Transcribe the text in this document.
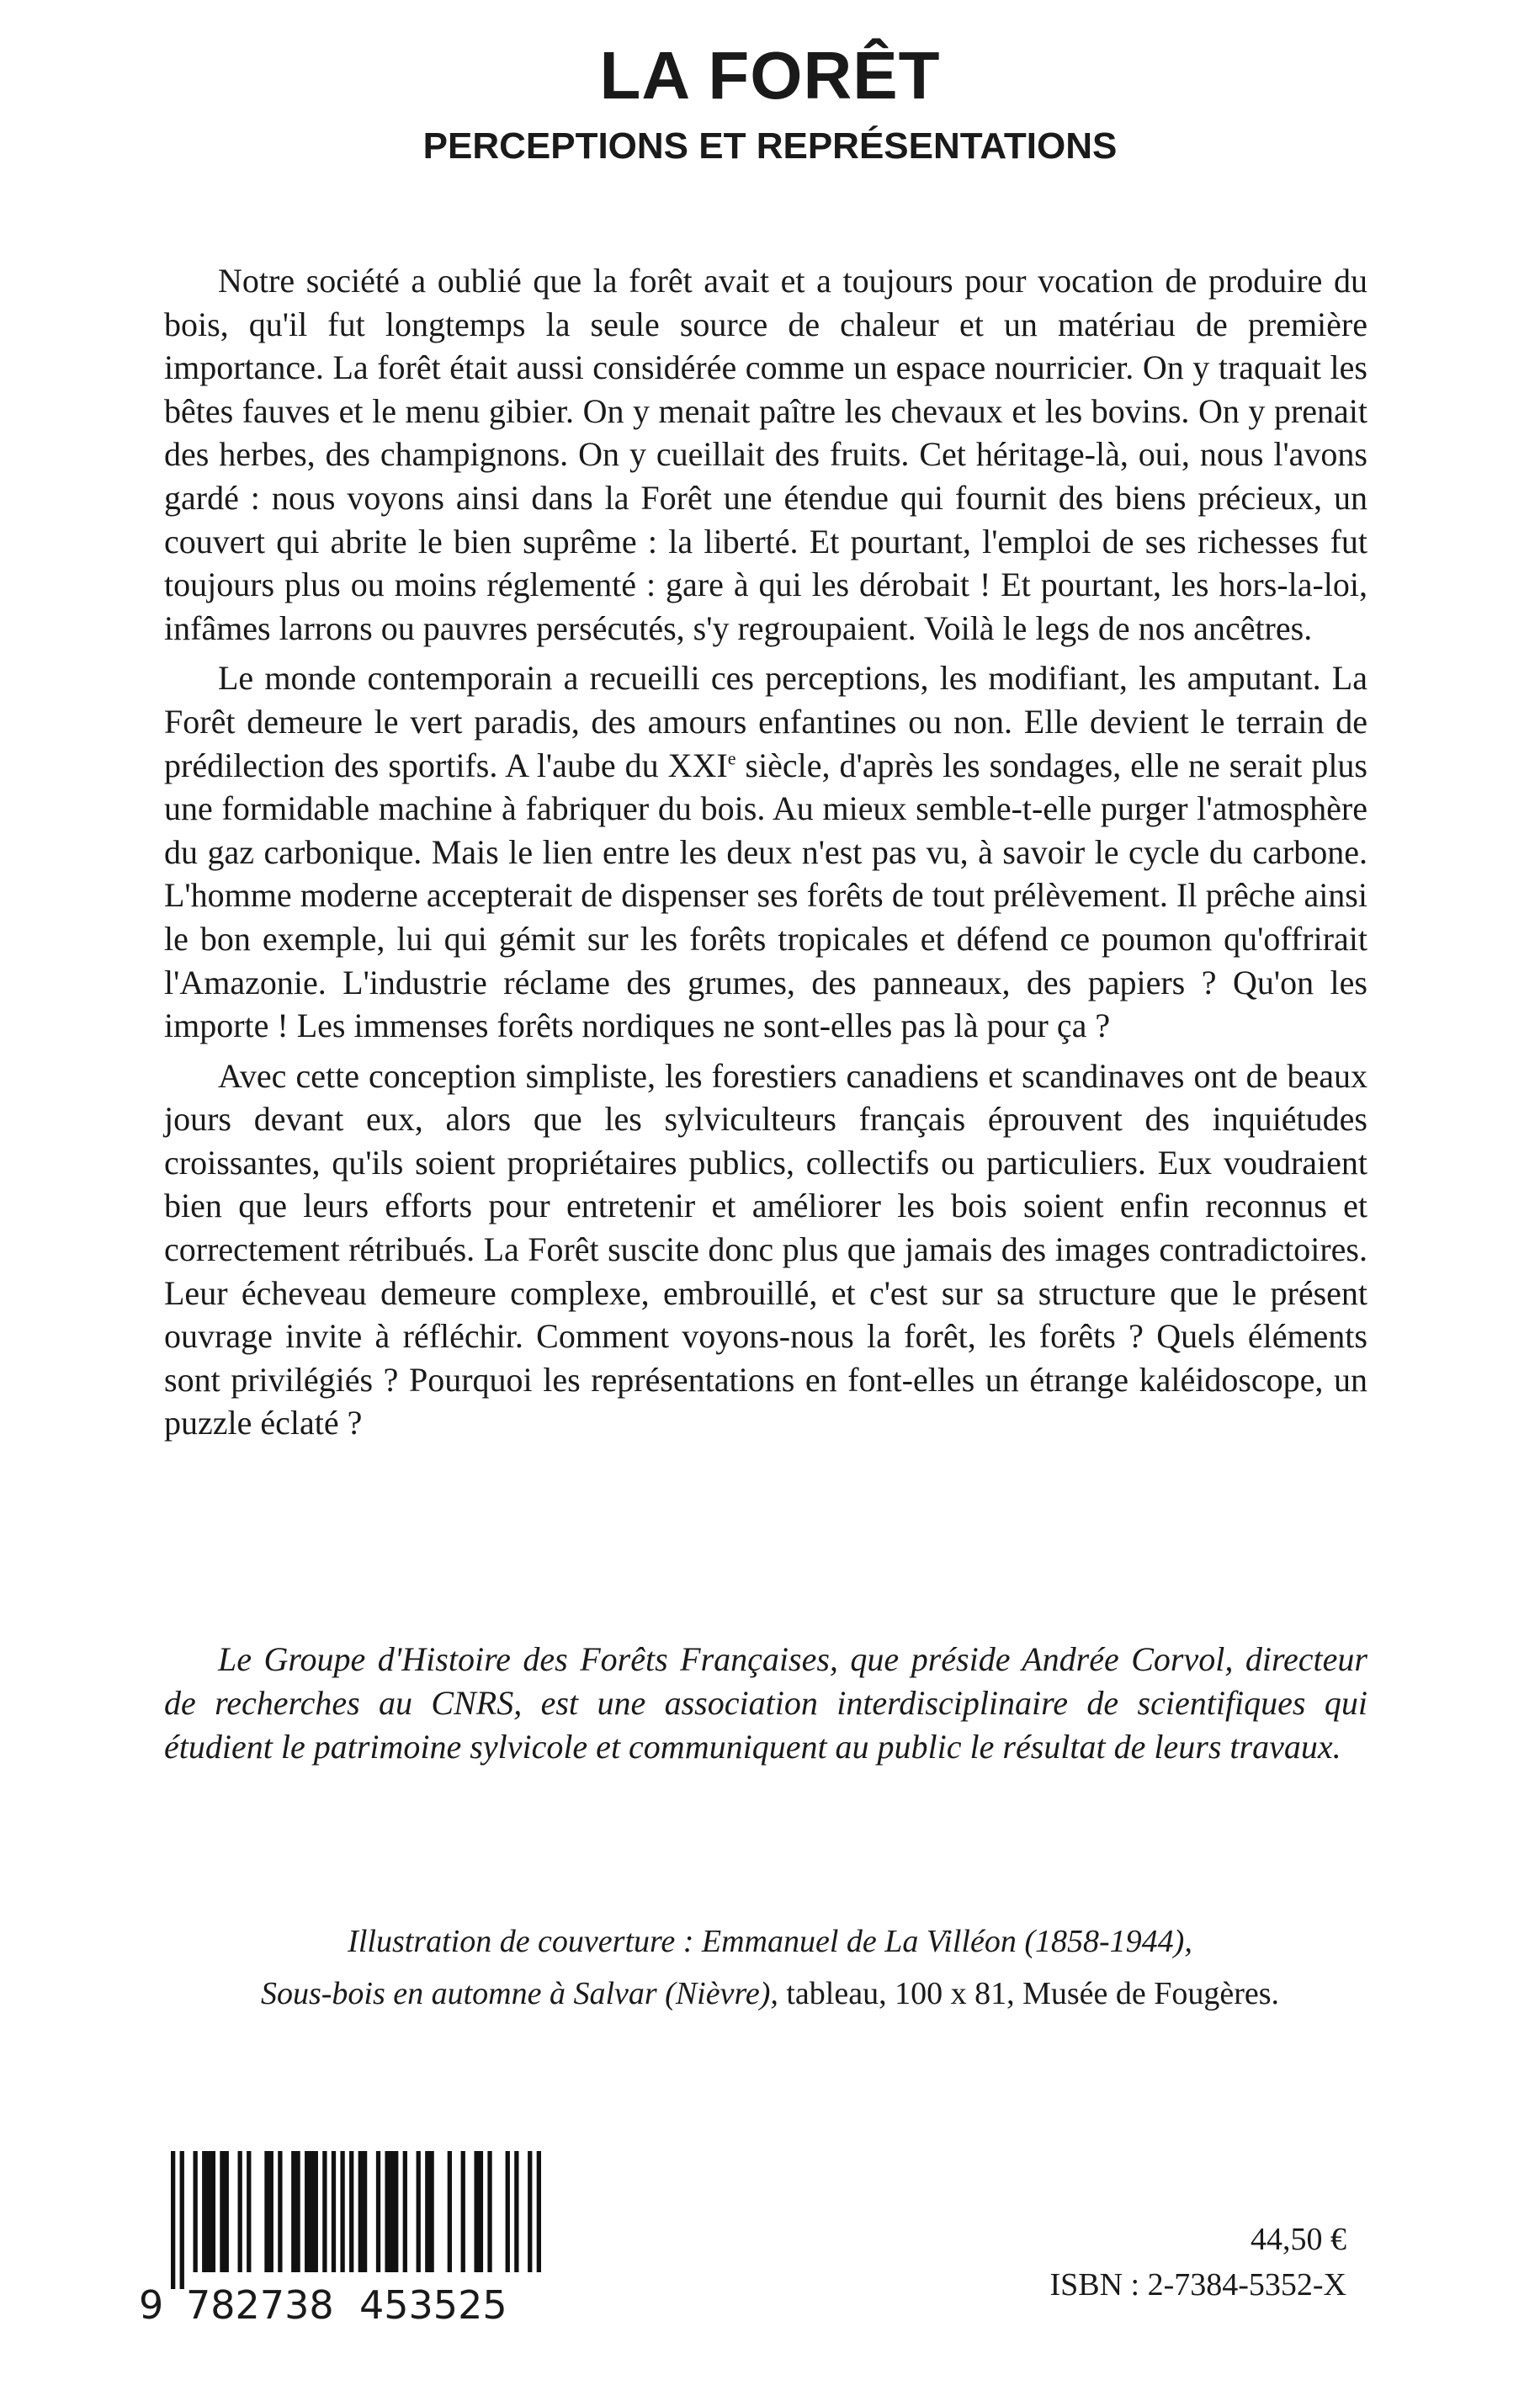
LA FORÊT
PERCEPTIONS ET REPRÉSENTATIONS

Notre société a oublié que la forêt avait et a toujours pour vocation de produire du bois, qu'il fut longtemps la seule source de chaleur et un matériau de première importance. La forêt était aussi considérée comme un espace nourricier. On y traquait les bêtes fauves et le menu gibier. On y menait paître les chevaux et les bovins. On y prenait des herbes, des champignons. On y cueillait des fruits. Cet héritage-là, oui, nous l'avons gardé : nous voyons ainsi dans la Forêt une étendue qui fournit des biens précieux, un couvert qui abrite le bien suprême : la liberté. Et pourtant, l'emploi de ses richesses fut toujours plus ou moins réglementé : gare à qui les dérobait ! Et pourtant, les hors-la-loi, infâmes larrons ou pauvres persécutés, s'y regroupaient. Voilà le legs de nos ancêtres.

Le monde contemporain a recueilli ces perceptions, les modifiant, les amputant. La Forêt demeure le vert paradis, des amours enfantines ou non. Elle devient le terrain de prédilection des sportifs. A l'aube du XXIe siècle, d'après les sondages, elle ne serait plus une formidable machine à fabriquer du bois. Au mieux semble-t-elle purger l'atmosphère du gaz carbonique. Mais le lien entre les deux n'est pas vu, à savoir le cycle du carbone. L'homme moderne accepterait de dispenser ses forêts de tout prélèvement. Il prêche ainsi le bon exemple, lui qui gémit sur les forêts tropicales et défend ce poumon qu'offrirait l'Amazonie. L'industrie réclame des grumes, des panneaux, des papiers ? Qu'on les importe ! Les immenses forêts nordiques ne sont-elles pas là pour ça ?

Avec cette conception simpliste, les forestiers canadiens et scandinaves ont de beaux jours devant eux, alors que les sylviculteurs français éprouvent des inquiétudes croissantes, qu'ils soient propriétaires publics, collectifs ou particuliers. Eux voudraient bien que leurs efforts pour entretenir et améliorer les bois soient enfin reconnus et correctement rétribués. La Forêt suscite donc plus que jamais des images contradictoires. Leur écheveau demeure complexe, embrouillé, et c'est sur sa structure que le présent ouvrage invite à réfléchir. Comment voyons-nous la forêt, les forêts ? Quels éléments sont privilégiés ? Pourquoi les représentations en font-elles un étrange kaléidoscope, un puzzle éclaté ?

Le Groupe d'Histoire des Forêts Françaises, que préside Andrée Corvol, directeur de recherches au CNRS, est une association interdisciplinaire de scientifiques qui étudient le patrimoine sylvicole et communiquent au public le résultat de leurs travaux.

Illustration de couverture : Emmanuel de La Villéon (1858-1944),
Sous-bois en automne à Salvar (Nièvre), tableau, 100 x 81, Musée de Fougères.
9 782738 453525
44,50 €
ISBN : 2-7384-5352-X
